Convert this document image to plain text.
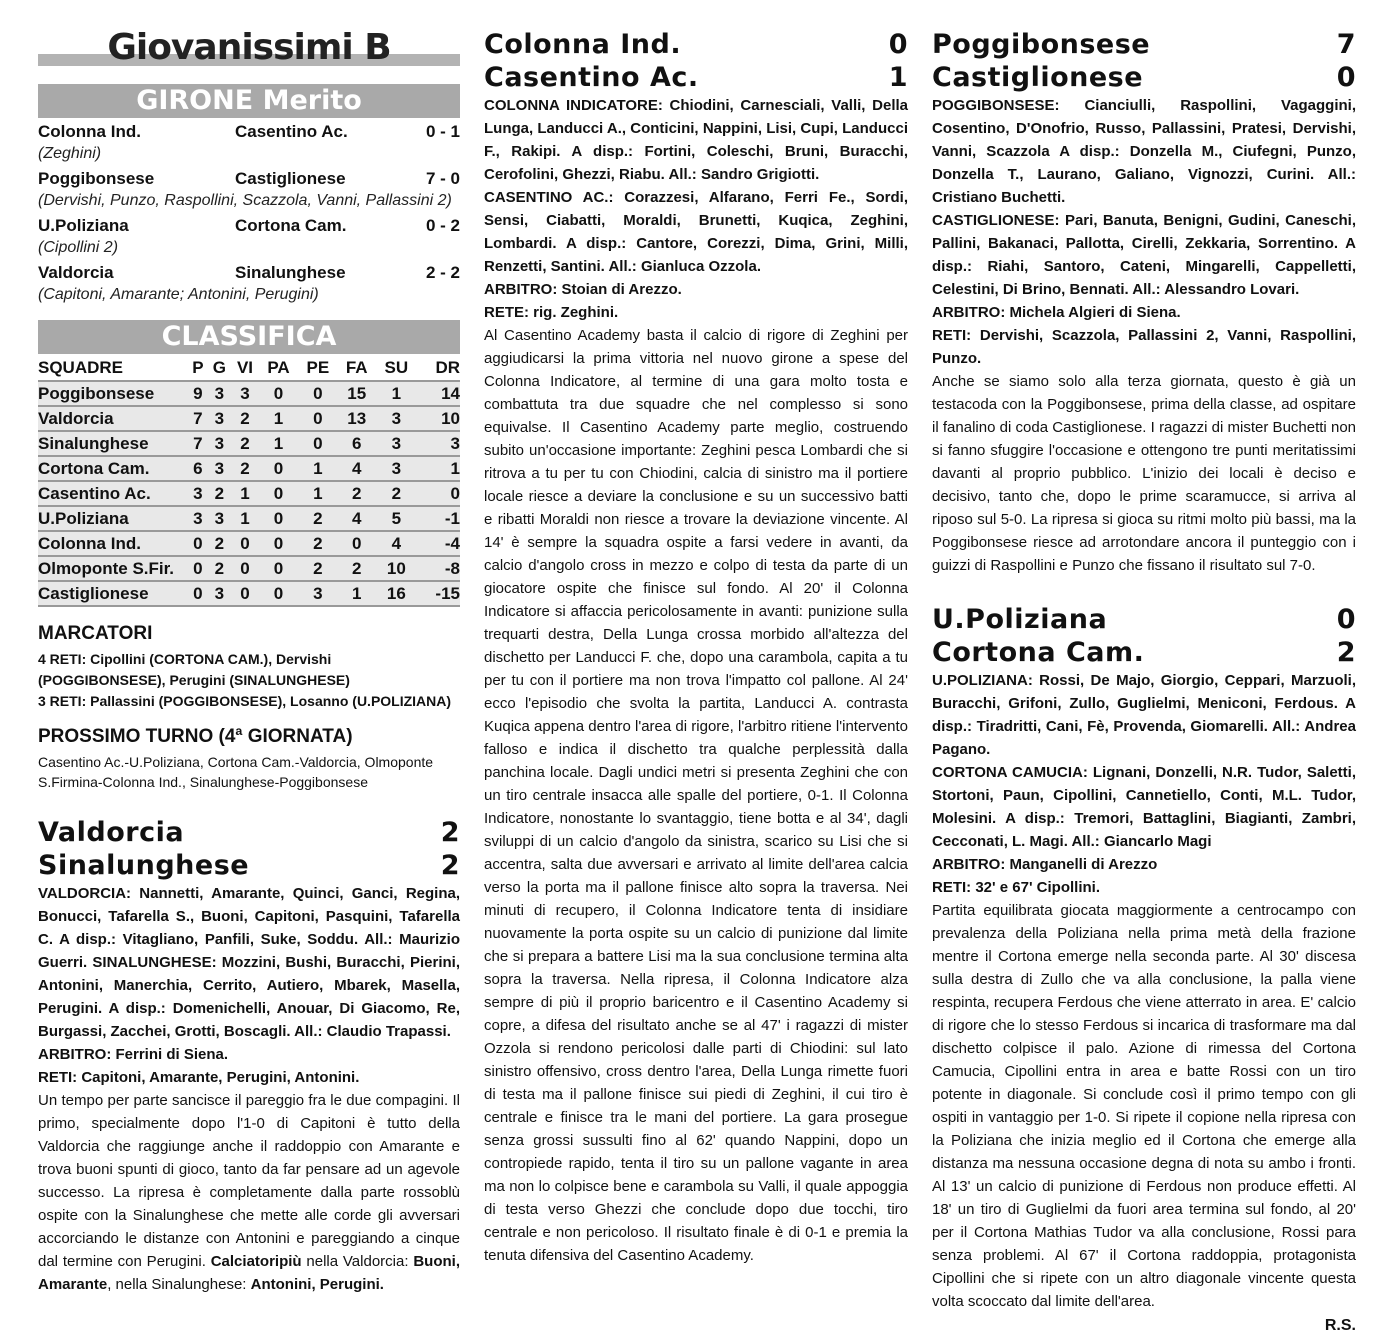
Giovanissimi B
GIRONE Merito
Colonna Ind.	Casentino Ac.	0 - 1
(Zeghini)
Poggibonsese	Castiglionese	7 - 0
(Dervishi, Punzo, Raspollini, Scazzola, Vanni, Pallassini 2)
U.Poliziana	Cortona Cam.	0 - 2
(Cipollini 2)
Valdorcia	Sinalunghese	2 - 2
(Capitoni, Amarante; Antonini, Perugini)
CLASSIFICA
SQUADRE	P	G	VI	PA	PE	FA	SU	DR
Poggibonsese	9	3	3	0	0	15	1	14
Valdorcia	7	3	2	1	0	13	3	10
Sinalunghese	7	3	2	1	0	6	3	3
Cortona Cam.	6	3	2	0	1	4	3	1
Casentino Ac.	3	2	1	0	1	2	2	0
U.Poliziana	3	3	1	0	2	4	5	-1
Colonna Ind.	0	2	0	0	2	0	4	-4
Olmoponte S.Fir.	0	2	0	0	2	2	10	-8
Castiglionese	0	3	0	0	3	1	16	-15
MARCATORI
4 RETI: Cipollini (CORTONA CAM.), Dervishi (POGGIBONSESE), Perugini (SINALUNGHESE)
3 RETI: Pallassini (POGGIBONSESE), Losanno (U.POLIZIANA)
PROSSIMO TURNO (4ª GIORNATA)
Casentino Ac.-U.Poliziana, Cortona Cam.-Valdorcia, Olmoponte S.Firmina-Colonna Ind., Sinalunghese-Poggibonsese
Valdorcia	2
Sinalunghese	2
VALDORCIA: Nannetti, Amarante, Quinci, Ganci, Regina, Bonucci, Tafarella S., Buoni, Capitoni, Pasquini, Tafarella C. A disp.: Vitagliano, Panfili, Suke, Soddu. All.: Maurizio Guerri. SINALUNGHESE: Mozzini, Bushi, Buracchi, Pierini, Antonini, Manerchia, Cerrito, Autiero, Mbarek, Masella, Perugini. A disp.: Domenichelli, Anouar, Di Giacomo, Re, Burgassi, Zacchei, Grotti, Boscagli. All.: Claudio Trapassi.
ARBITRO: Ferrini di Siena.
RETI: Capitoni, Amarante, Perugini, Antonini.
Un tempo per parte sancisce il pareggio fra le due compagini. Il primo, specialmente dopo l'1-0 di Capitoni è tutto della Valdorcia che raggiunge anche il raddoppio con Amarante e trova buoni spunti di gioco, tanto da far pensare ad un agevole successo. La ripresa è completamente dalla parte rossoblù ospite con la Sinalunghese che mette alle corde gli avversari accorciando le distanze con Antonini e pareggiando a cinque dal termine con Perugini. Calciatoripiù nella Valdorcia: Buoni, Amarante, nella Sinalunghese: Antonini, Perugini.
Colonna Ind.	0
Casentino Ac.	1
COLONNA INDICATORE: Chiodini, Carnesciali, Valli, Della Lunga, Landucci A., Conticini, Nappini, Lisi, Cupi, Landucci F., Rakipi. A disp.: Fortini, Coleschi, Bruni, Buracchi, Cerofolini, Ghezzi, Riabu. All.: Sandro Grigiotti.
CASENTINO AC.: Corazzesi, Alfarano, Ferri Fe., Sordi, Sensi, Ciabatti, Moraldi, Brunetti, Kuqica, Zeghini, Lombardi. A disp.: Cantore, Corezzi, Dima, Grini, Milli, Renzetti, Santini. All.: Gianluca Ozzola.
ARBITRO: Stoian di Arezzo.
RETE: rig. Zeghini.
Al Casentino Academy basta il calcio di rigore di Zeghini per aggiudicarsi la prima vittoria nel nuovo girone a spese del Colonna Indicatore, al termine di una gara molto tosta e combattuta tra due squadre che nel complesso si sono equivalse. Il Casentino Academy parte meglio, costruendo subito un'occasione importante: Zeghini pesca Lombardi che si ritrova a tu per tu con Chiodini, calcia di sinistro ma il portiere locale riesce a deviare la conclusione e su un successivo batti e ribatti Moraldi non riesce a trovare la deviazione vincente. Al 14' è sempre la squadra ospite a farsi vedere in avanti, da calcio d'angolo cross in mezzo e colpo di testa da parte di un giocatore ospite che finisce sul fondo. Al 20' il Colonna Indicatore si affaccia pericolosamente in avanti: punizione sulla trequarti destra, Della Lunga crossa morbido all'altezza del dischetto per Landucci F. che, dopo una carambola, capita a tu per tu con il portiere ma non trova l'impatto col pallone. Al 24' ecco l'episodio che svolta la partita, Landucci A. contrasta Kuqica appena dentro l'area di rigore, l'arbitro ritiene l'intervento falloso e indica il dischetto tra qualche perplessità dalla panchina locale. Dagli undici metri si presenta Zeghini che con un tiro centrale insacca alle spalle del portiere, 0-1. Il Colonna Indicatore, nonostante lo svantaggio, tiene botta e al 34', dagli sviluppi di un calcio d'angolo da sinistra, scarico su Lisi che si accentra, salta due avversari e arrivato al limite dell'area calcia verso la porta ma il pallone finisce alto sopra la traversa. Nei minuti di recupero, il Colonna Indicatore tenta di insidiare nuovamente la porta ospite su un calcio di punizione dal limite che si prepara a battere Lisi ma la sua conclusione termina alta sopra la traversa. Nella ripresa, il Colonna Indicatore alza sempre di più il proprio baricentro e il Casentino Academy si copre, a difesa del risultato anche se al 47' i ragazzi di mister Ozzola si rendono pericolosi dalle parti di Chiodini: sul lato sinistro offensivo, cross dentro l'area, Della Lunga rimette fuori di testa ma il pallone finisce sui piedi di Zeghini, il cui tiro è centrale e finisce tra le mani del portiere. La gara prosegue senza grossi sussulti fino al 62' quando Nappini, dopo un contropiede rapido, tenta il tiro su un pallone vagante in area ma non lo colpisce bene e carambola su Valli, il quale appoggia di testa verso Ghezzi che conclude dopo due tocchi, tiro centrale e non pericoloso. Il risultato finale è di 0-1 e premia la tenuta difensiva del Casentino Academy.
Poggibonsese	7
Castiglionese	0
POGGIBONSESE: Cianciulli, Raspollini, Vagaggini, Cosentino, D'Onofrio, Russo, Pallassini, Pratesi, Dervishi, Vanni, Scazzola A disp.: Donzella M., Ciufegni, Punzo, Donzella T., Laurano, Galiano, Vignozzi, Curini. All.: Cristiano Buchetti.
CASTIGLIONESE: Pari, Banuta, Benigni, Gudini, Caneschi, Pallini, Bakanaci, Pallotta, Cirelli, Zekkaria, Sorrentino. A disp.: Riahi, Santoro, Cateni, Mingarelli, Cappelletti, Celestini, Di Brino, Bennati. All.: Alessandro Lovari.
ARBITRO: Michela Algieri di Siena.
RETI: Dervishi, Scazzola, Pallassini 2, Vanni, Raspollini, Punzo.
Anche se siamo solo alla terza giornata, questo è già un testacoda con la Poggibonsese, prima della classe, ad ospitare il fanalino di coda Castiglionese. I ragazzi di mister Buchetti non si fanno sfuggire l'occasione e ottengono tre punti meritatissimi davanti al proprio pubblico. L'inizio dei locali è deciso e decisivo, tanto che, dopo le prime scaramucce, si arriva al riposo sul 5-0. La ripresa si gioca su ritmi molto più bassi, ma la Poggibonsese riesce ad arrotondare ancora il punteggio con i guizzi di Raspollini e Punzo che fissano il risultato sul 7-0.
U.Poliziana	0
Cortona Cam.	2
U.POLIZIANA: Rossi, De Majo, Giorgio, Ceppari, Marzuoli, Buracchi, Grifoni, Zullo, Guglielmi, Meniconi, Ferdous. A disp.: Tiradritti, Cani, Fè, Provenda, Giomarelli. All.: Andrea Pagano.
CORTONA CAMUCIA: Lignani, Donzelli, N.R. Tudor, Saletti, Stortoni, Paun, Cipollini, Cannetiello, Conti, M.L. Tudor, Molesini. A disp.: Tremori, Battaglini, Biagianti, Zambri, Cecconati, L. Magi. All.: Giancarlo Magi
ARBITRO: Manganelli di Arezzo
RETI: 32' e 67' Cipollini.
Partita equilibrata giocata maggiormente a centrocampo con prevalenza della Poliziana nella prima metà della frazione mentre il Cortona emerge nella seconda parte. Al 30' discesa sulla destra di Zullo che va alla conclusione, la palla viene respinta, recupera Ferdous che viene atterrato in area. E' calcio di rigore che lo stesso Ferdous si incarica di trasformare ma dal dischetto colpisce il palo. Azione di rimessa del Cortona Camucia, Cipollini entra in area e batte Rossi con un tiro potente in diagonale. Si conclude così il primo tempo con gli ospiti in vantaggio per 1-0. Si ripete il copione nella ripresa con la Poliziana che inizia meglio ed il Cortona che emerge alla distanza ma nessuna occasione degna di nota su ambo i fronti. Al 13' un calcio di punizione di Ferdous non produce effetti. Al 18' un tiro di Guglielmi da fuori area termina sul fondo, al 20' per il Cortona Mathias Tudor va alla conclusione, Rossi para senza problemi. Al 67' il Cortona raddoppia, protagonista Cipollini che si ripete con un altro diagonale vincente questa volta scoccato dal limite dell'area.
R.S.
